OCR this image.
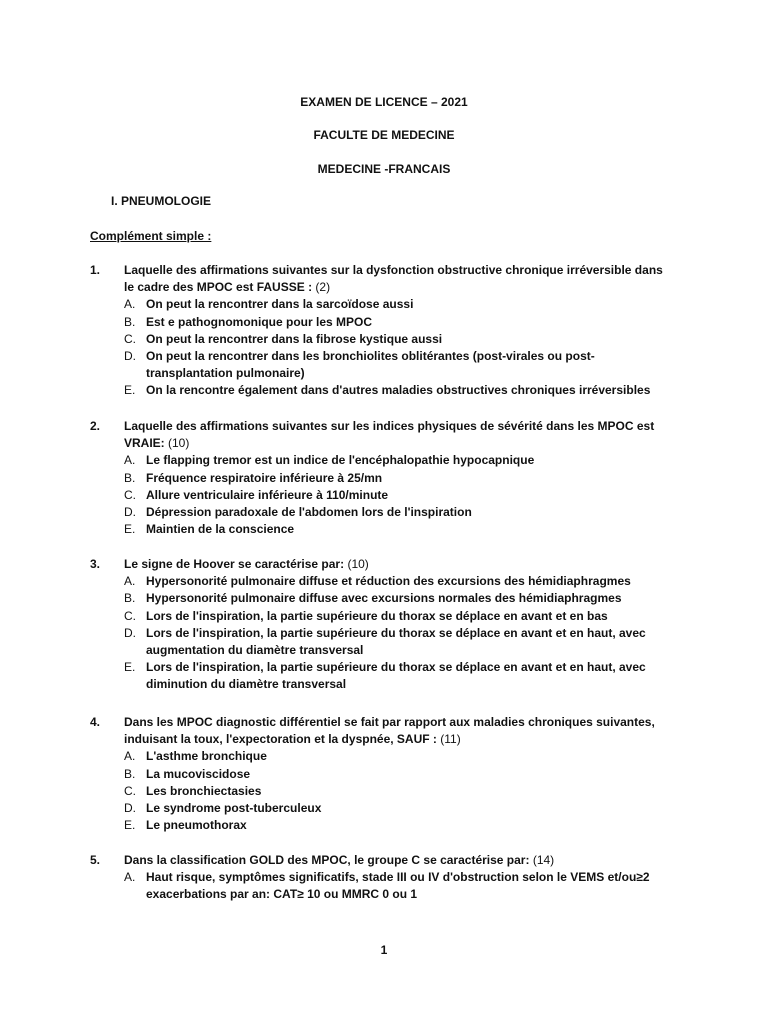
EXAMEN DE LICENCE – 2021
FACULTE DE MEDECINE
MEDECINE -FRANCAIS
I. PNEUMOLOGIE
Complément simple :
1.	Laquelle des affirmations suivantes sur la dysfonction obstructive chronique irréversible dans le cadre des MPOC est FAUSSE : (2)
A. On peut la rencontrer dans la sarcoïdose aussi
B. Est e pathognomonique pour les MPOC
C. On peut la rencontrer dans la fibrose kystique aussi
D. On peut la rencontrer dans les bronchiolites oblitérantes (post-virales ou post-transplantation pulmonaire)
E. On la rencontre également dans d'autres maladies obstructives chroniques irréversibles
2.	Laquelle des affirmations suivantes sur les indices physiques de sévérité dans les MPOC est VRAIE: (10)
A. Le flapping tremor est un indice de l'encéphalopathie hypocapnique
B. Fréquence respiratoire inférieure à 25/mn
C. Allure ventriculaire inférieure à 110/minute
D. Dépression paradoxale de l'abdomen lors de l'inspiration
E. Maintien de la conscience
3.	Le signe de Hoover se caractérise par: (10)
A. Hypersonorité pulmonaire diffuse et réduction des excursions des hémidiaphragmes
B. Hypersonorité pulmonaire diffuse avec excursions normales des hémidiaphragmes
C. Lors de l'inspiration, la partie supérieure du thorax se déplace en avant et en bas
D. Lors de l'inspiration, la partie supérieure du thorax se déplace en avant et en haut, avec augmentation du diamètre transversal
E. Lors de l'inspiration, la partie supérieure du thorax se déplace en avant et en haut, avec diminution du diamètre transversal
4.	Dans les MPOC diagnostic différentiel se fait par rapport aux maladies chroniques suivantes, induisant la toux, l'expectoration et la dyspnée, SAUF : (11)
A. L'asthme bronchique
B. La mucoviscidose
C. Les bronchiectasies
D. Le syndrome post-tuberculeux
E. Le pneumothorax
5.	Dans la classification GOLD des MPOC, le groupe C se caractérise par: (14)
A. Haut risque, symptômes significatifs, stade III ou IV d'obstruction selon le VEMS et/ou≥2 exacerbations par an: CAT≥ 10 ou MMRC 0 ou 1
1
